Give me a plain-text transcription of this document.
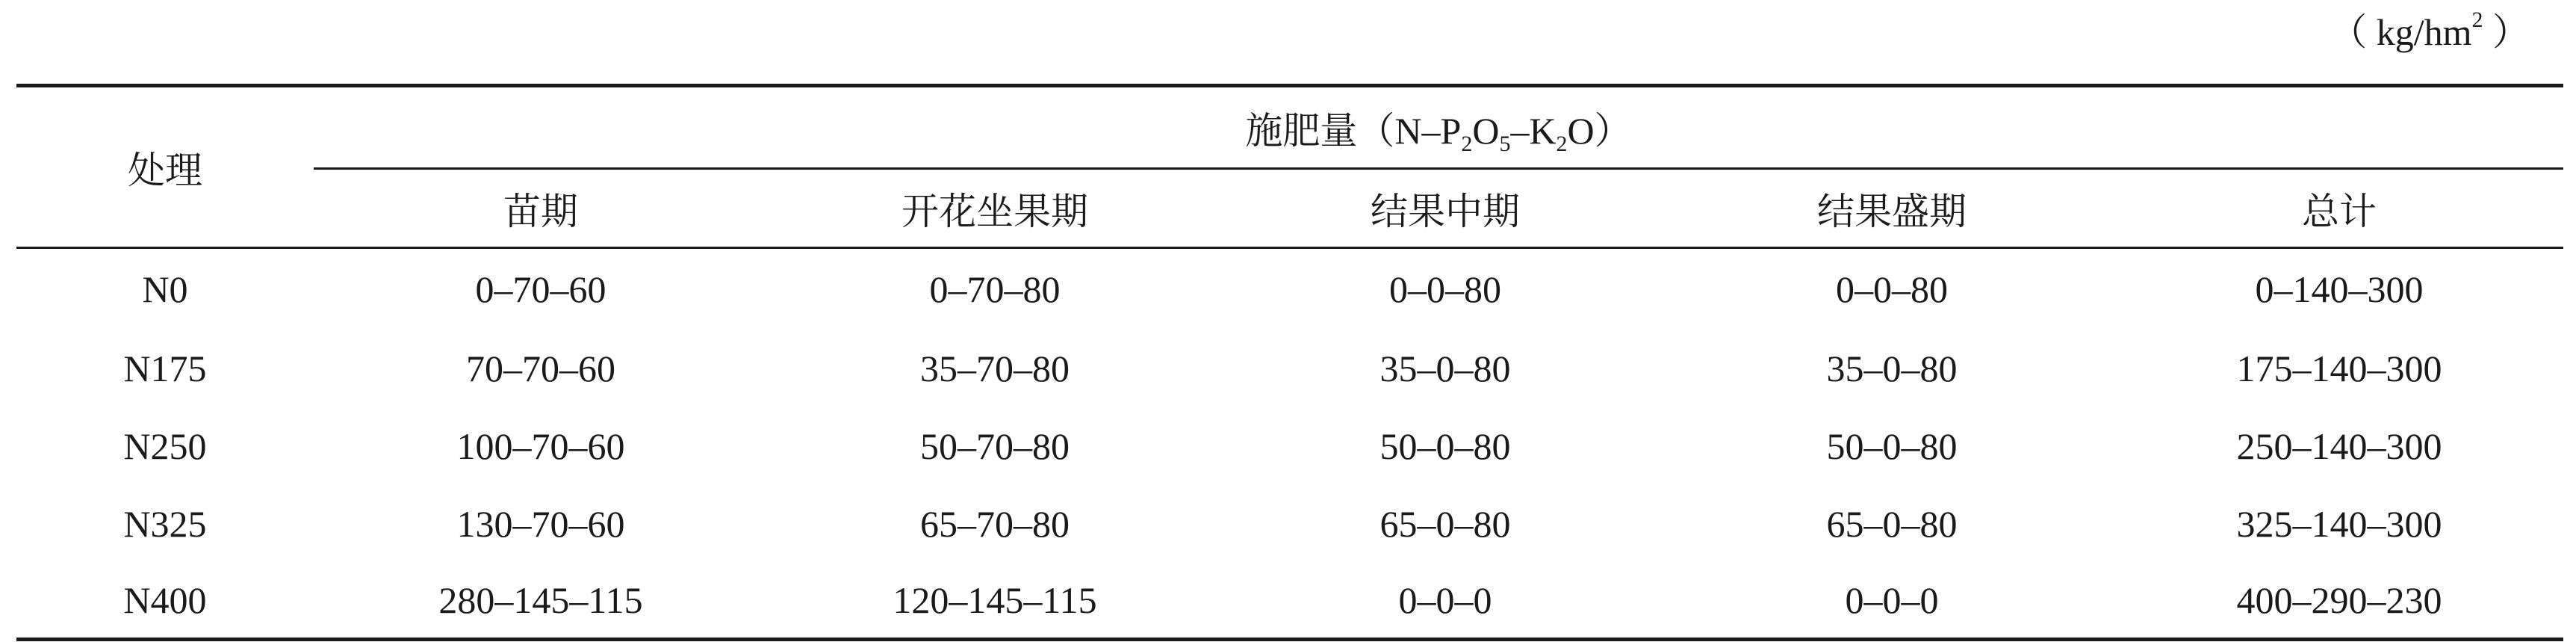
（ $kg/hm^2$ ）
处理	施肥量$(N-P_2O_5-K_2O)$				
	苗期	开花坐果期	结果中期	结果盛期	总计
N0	0–70–60	0–70–80	0–0–80	0–0–80	0–140–300
N175	70–70–60	35–70–80	35–0–80	35–0–80	175–140–300
N250	100–70–60	50–70–80	50–0–80	50–0–80	250–140–300
N325	130–70–60	65–70–80	65–0–80	65–0–80	325–140–300
N400	280–145–115	120–145–115	0–0–0	0–0–0	400–290–230
